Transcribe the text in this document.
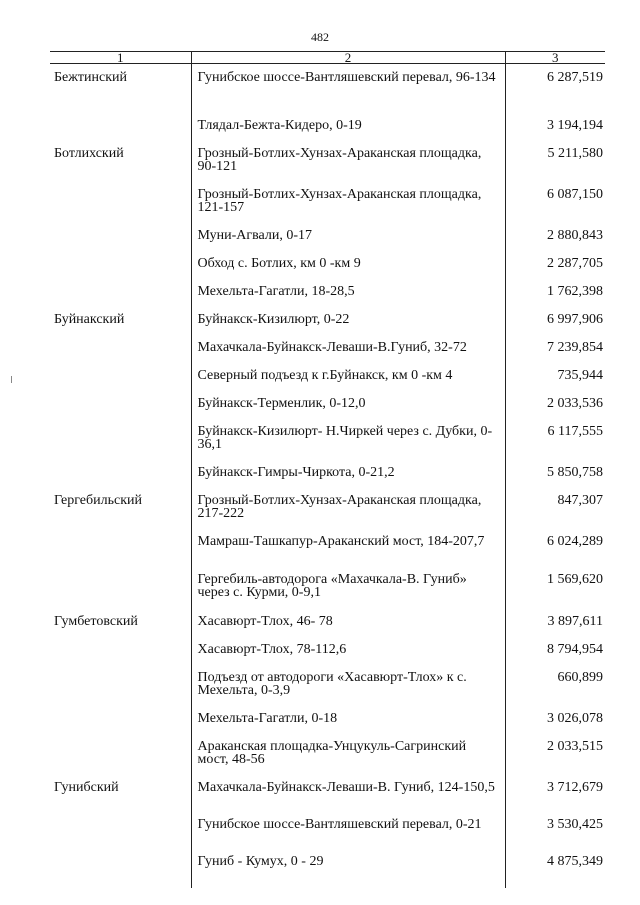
482
1	2	3

Бежтинский	Гунибское шоссе-Вантляшевский перевал, 96-134	6 287,519

	Тлядал-Бежта-Кидеро, 0-19	3 194,194

Ботлихский	Грозный-Ботлих-Хунзах-Араканская площадка, 90-121	5 211,580

	Грозный-Ботлих-Хунзах-Араканская площадка, 121-157	6 087,150

	Муни-Агвали, 0-17	2 880,843

	Обход с. Ботлих, км 0 -км 9	2 287,705

	Мехельта-Гагатли, 18-28,5	1 762,398

Буйнакский	Буйнакск-Кизилюрт, 0-22	6 997,906

	Махачкала-Буйнакск-Леваши-В.Гуниб, 32-72	7 239,854

	Северный подъезд к г.Буйнакск, км 0 -км 4	735,944

	Буйнакск-Терменлик, 0-12,0	2 033,536

	Буйнакск-Кизилюрт- Н.Чиркей через с. Дубки, 0-36,1	6 117,555

	Буйнакск-Гимры-Чиркота, 0-21,2	5 850,758

Гергебильский	Грозный-Ботлих-Хунзах-Араканская площадка, 217-222	847,307

	Мамраш-Ташкапур-Араканский мост, 184-207,7	6 024,289

	Гергебиль-автодорога «Махачкала-В. Гуниб» через с. Курми, 0-9,1	1 569,620

Гумбетовский	Хасавюрт-Тлох, 46- 78	3 897,611

	Хасавюрт-Тлох, 78-112,6	8 794,954

	Подъезд от автодороги «Хасавюрт-Тлох» к с. Мехельта, 0-3,9	660,899

	Мехельта-Гагатли, 0-18	3 026,078

	Араканская площадка-Унцукуль-Сагринский мост, 48-56	2 033,515

Гунибский	Махачкала-Буйнакск-Леваши-В. Гуниб, 124-150,5	3 712,679

	Гунибское шоссе-Вантляшевский перевал, 0-21	3 530,425

	Гуниб - Кумух, 0 - 29	4 875,349
